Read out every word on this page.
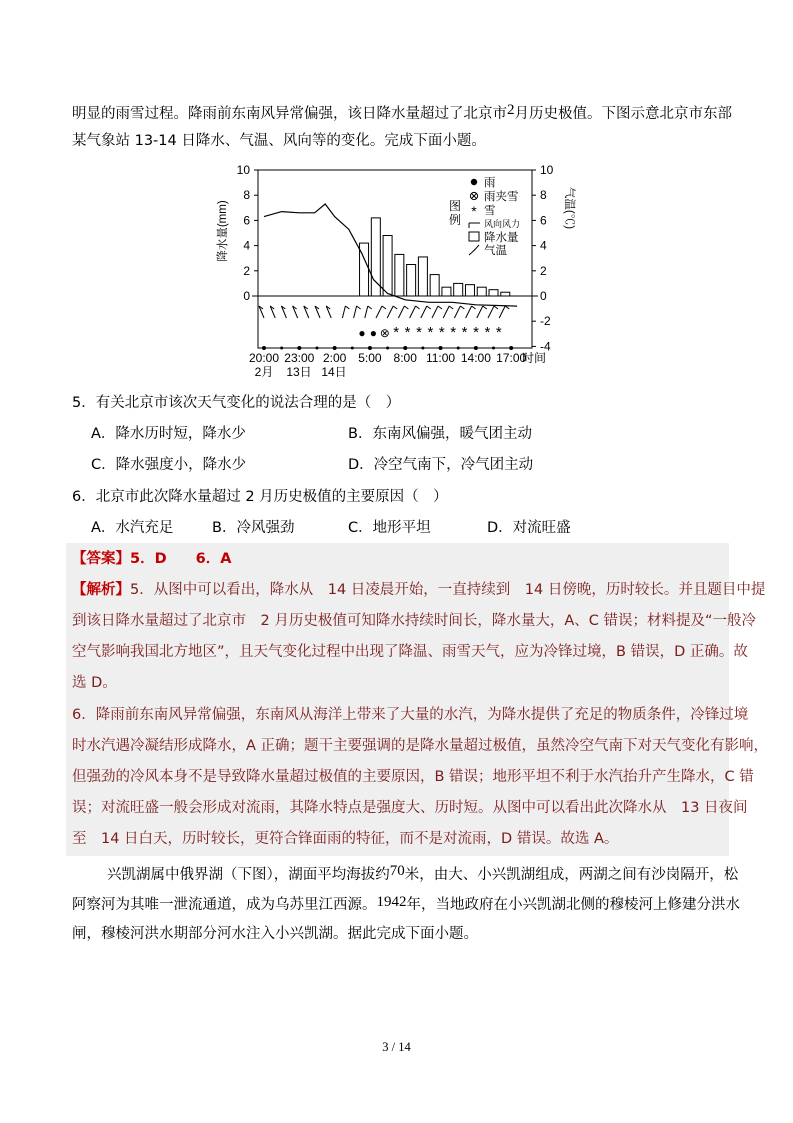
明显的雨雪过程。降雨前东南风异常偏强，该日降水量超过了北京市2月历史极值。下图示意北京市东部
某气象站 13-14 日降水、气温、风向等的变化。完成下面小题。
10
8
6
4
2
0
降水量(mm)
10
8
6
4
2
0
-2
-4
气温(℃)
● ● ⊗ * * * * * * * * * *
20:00 23:00 2:00 5:00 8:00 11:00 14:00 17:00
2月 13日 14日
时间
图
例
*
雨
雨夹雪
雪
风向风力
降水量
气温
5．有关北京市该次天气变化的说法合理的是（　）
A．降水历时短，降水少	B．东南风偏强，暖气团主动
C．降水强度小，降水少	D．冷空气南下，冷气团主动
6．北京市此次降水量超过 2 月历史极值的主要原因（　）
A．水汽充足	B．冷风强劲	C．地形平坦	D．对流旺盛
【答案】5．D　　6．A
【解析】5．从图中可以看出，降水从　14 日凌晨开始，一直持续到　14 日傍晚，历时较长。并且题目中提
到该日降水量超过了北京市　2 月历史极值可知降水持续时间长，降水量大，A、C 错误；材料提及“一般冷
空气影响我国北方地区”，且天气变化过程中出现了降温、雨雪天气，应为冷锋过境，B 错误，D 正确。故
选 D。
6．降雨前东南风异常偏强，东南风从海洋上带来了大量的水汽，为降水提供了充足的物质条件，冷锋过境
时水汽遇冷凝结形成降水，A 正确；题干主要强调的是降水量超过极值，虽然冷空气南下对天气变化有影响，
但强劲的冷风本身不是导致降水量超过极值的主要原因，B 错误；地形平坦不利于水汽抬升产生降水，C 错
误；对流旺盛一般会形成对流雨，其降水特点是强度大、历时短。从图中可以看出此次降水从　13 日夜间
至　14 日白天，历时较长，更符合锋面雨的特征，而不是对流雨，D 错误。故选 A。
兴凯湖属中俄界湖（下图），湖面平均海拔约70米，由大、小兴凯湖组成，两湖之间有沙岗隔开，松
阿察河为其唯一泄流通道，成为乌苏里江西源。1942年，当地政府在小兴凯湖北侧的穆棱河上修建分洪水
闸，穆棱河洪水期部分河水注入小兴凯湖。据此完成下面小题。
3 / 14
